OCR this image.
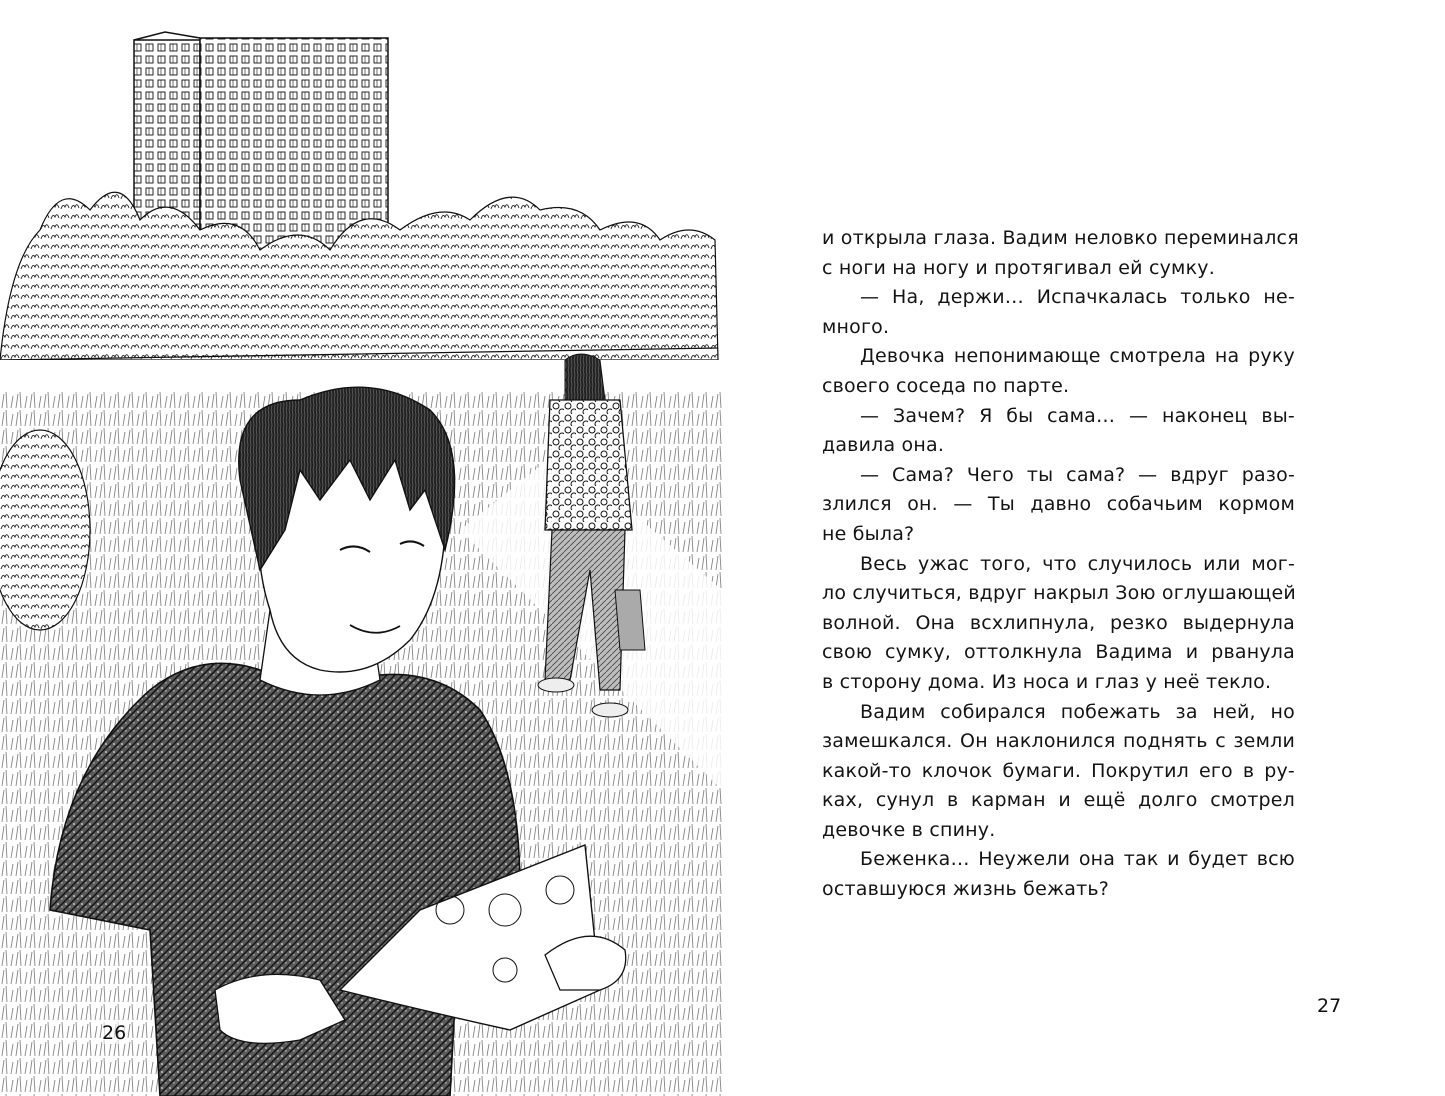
26

и открыла глаза. Вадим неловко переминался

с ноги на ногу и протягивал ей сумку.

— На, держи… Испачкалась только не-

много.

Девочка непонимающе смотрела на руку

своего соседа по парте.

— Зачем? Я бы сама… — наконец вы-

давила она.

— Сама? Чего ты сама? — вдруг разо-

злился он. — Ты давно собачьим кормом

не была?

Весь ужас того, что случилось или мог-

ло случиться, вдруг накрыл Зою оглушающей

волной. Она всхлипнула, резко выдернула

свою сумку, оттолкнула Вадима и рванула

в сторону дома. Из носа и глаз у неё текло.

Вадим собирался побежать за ней, но

замешкался. Он наклонился поднять с земли

какой-то клочок бумаги. Покрутил его в ру-

ках, сунул в карман и ещё долго смотрел

девочке в спину.

Беженка… Неужели она так и будет всю

оставшуюся жизнь бежать?

27
